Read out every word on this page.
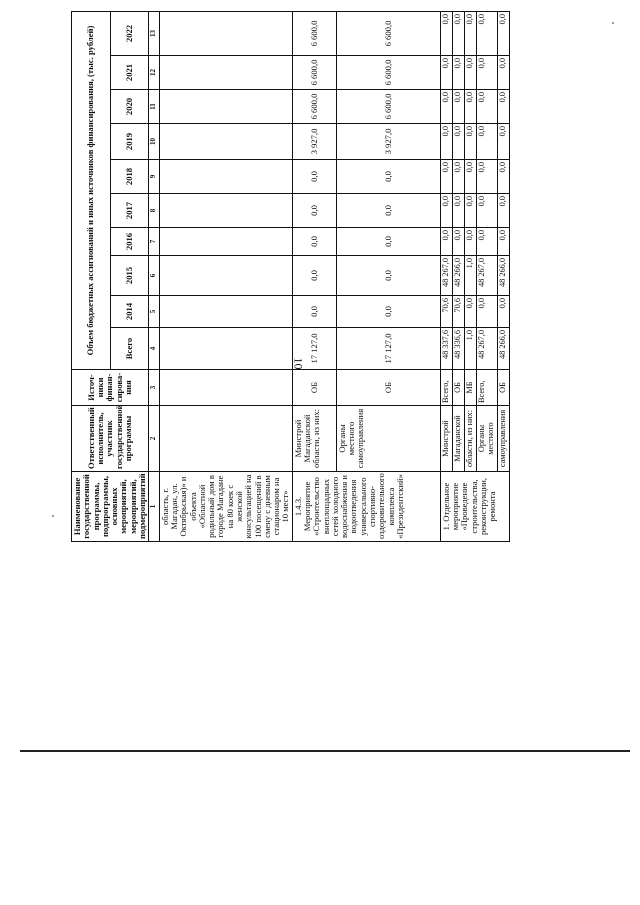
10
Наименование государственной программы, подпрограммы, основных мероприятий, мероприятий, подмероприятий	Ответственный исполнитель, участник государственной программы	Источ-ники финан-сирова-ния	Объем бюджетных ассигнований и иных источников финансирования, (тыс. рублей)									
			Всего	2014	2015	2016	2017	2018	2019	2020	2021	2022
1	2	3	4	5	6	7	8	9	10	11	12	13
область, г. Магадан, ул. Октябрьская)» и объекта «Областной родильный дом в городе Магадане на 80 коек с женской консультацией на 100 посещений в смену с дневным стационаром на 10 мест»												
1.4.3. Мероприятие «Строительство внеплощадных сетей холодного водоснабжения и водоотведения универсального спортивно-оздоровительного комплекса «Президентский»	Минстрой Магаданской области, из них:	ОБ	17 127,0	0,0	0,0	0,0	0,0	0,0	3 927,0	6 600,0	6 600,0	6 600,0
	Органы местного самоуправления	ОБ	17 127,0	0,0	0,0	0,0	0,0	0,0	3 927,0	6 600,0	6 600,0	6 600,0
1. Отдельное мероприятие «Проведение строительства, реконструкции, ремонта	Минстрой	Всего,	48 337,6	70,6	48 267,0	0,0	0,0	0,0	0,0	0,0	0,0	0,0
	Магаданской	ОБ	48 336,6	70,6	48 266,0	0,0	0,0	0,0	0,0	0,0	0,0	0,0
	области, из них:	МБ	1,0	0,0	1,0	0,0	0,0	0,0	0,0	0,0	0,0	0,0
	Органы местного	Всего,	48 267,0	0,0	48 267,0	0,0	0,0	0,0	0,0	0,0	0,0	0,0
	самоуправления	ОБ	48 266,0	0,0	48 266,0	0,0	0,0	0,0	0,0	0,0	0,0	0,0
